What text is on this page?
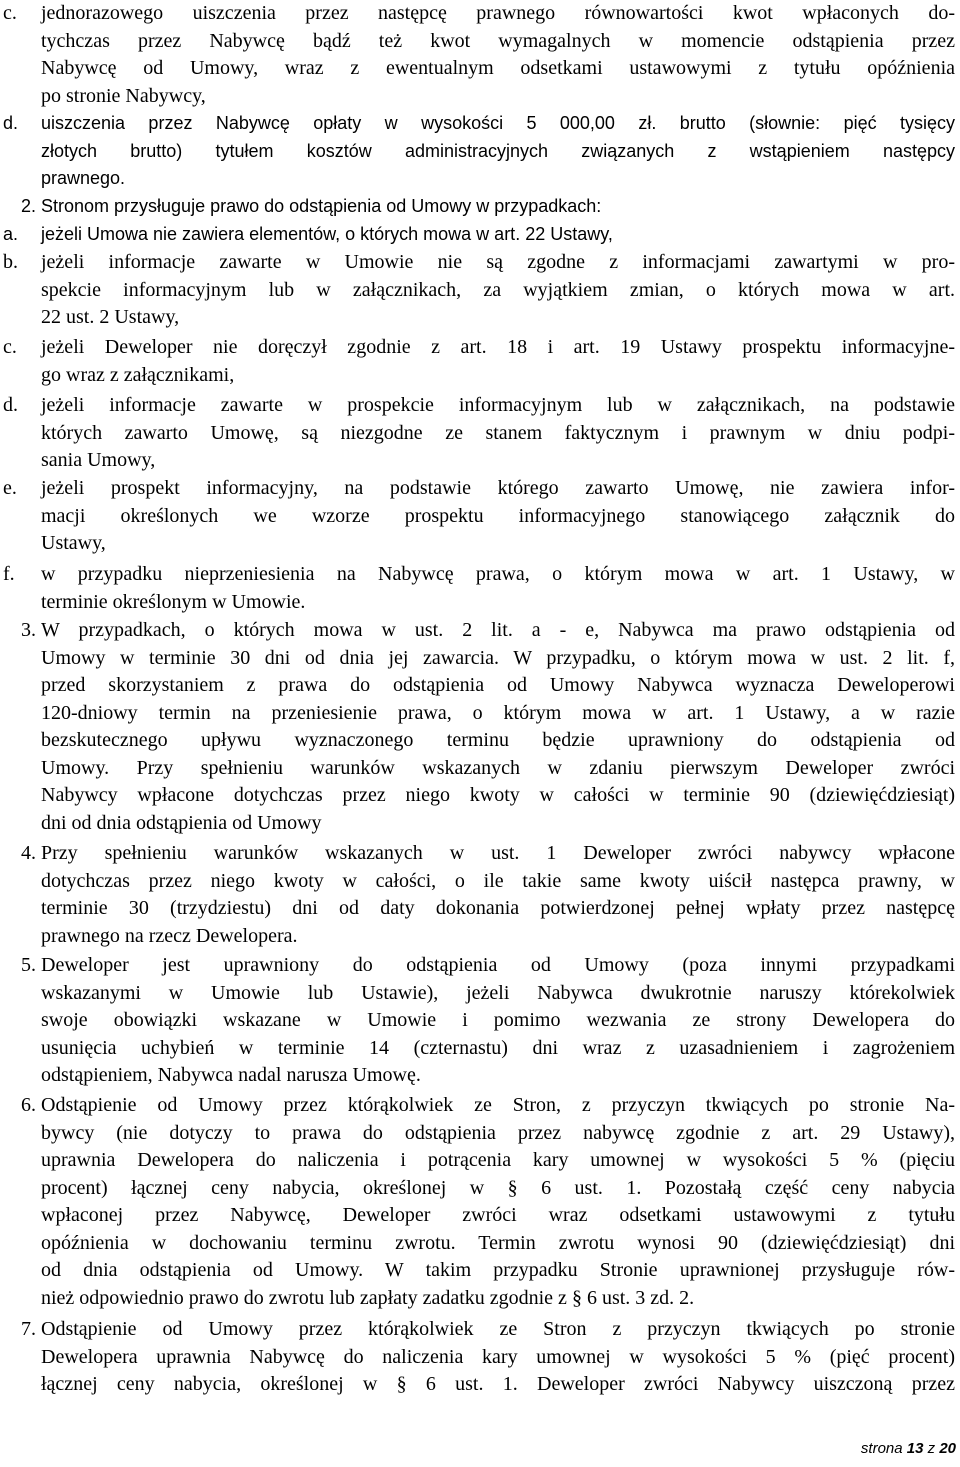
strona 13 z 20
c. jednorazowego uiszczenia przez następcę prawnego równowartości kwot wpłaconych do-
tychczas przez Nabywcę bądź też kwot wymagalnych w momencie odstąpienia przez
Nabywcę od Umowy, wraz z ewentualnym odsetkami ustawowymi z tytułu opóźnienia
po stronie Nabywcy,
d. uiszczenia przez Nabywcę opłaty w wysokości 5 000,00 zł. brutto (słownie: pięć tysięcy
złotych brutto) tytułem kosztów administracyjnych związanych z wstąpieniem następcy
prawnego.
2. Stronom przysługuje prawo do odstąpienia od Umowy w przypadkach:
a. jeżeli Umowa nie zawiera elementów, o których mowa w art. 22 Ustawy,
b. jeżeli informacje zawarte w Umowie nie są zgodne z informacjami zawartymi w pro-
spekcie informacyjnym lub w załącznikach, za wyjątkiem zmian, o których mowa w art.
22 ust. 2 Ustawy,
c. jeżeli Deweloper nie doręczył zgodnie z art. 18 i art. 19 Ustawy prospektu informacyjne-
go wraz z załącznikami,
d. jeżeli informacje zawarte w prospekcie informacyjnym lub w załącznikach, na podstawie
których zawarto Umowę, są niezgodne ze stanem faktycznym i prawnym w dniu podpi-
sania Umowy,
e. jeżeli prospekt informacyjny, na podstawie którego zawarto Umowę, nie zawiera infor-
macji określonych we wzorze prospektu informacyjnego stanowiącego załącznik do
Ustawy,
f. w przypadku nieprzeniesienia na Nabywcę prawa, o którym mowa w art. 1 Ustawy, w
terminie określonym w Umowie.
3. W przypadkach, o których mowa w ust. 2 lit. a - e, Nabywca ma prawo odstąpienia od
Umowy w terminie 30 dni od dnia jej zawarcia. W przypadku, o którym mowa w ust. 2 lit. f,
przed skorzystaniem z prawa do odstąpienia od Umowy Nabywca wyznacza Deweloperowi
120-dniowy termin na przeniesienie prawa, o którym mowa w art. 1 Ustawy, a w razie
bezskutecznego upływu wyznaczonego terminu będzie uprawniony do odstąpienia od
Umowy. Przy spełnieniu warunków wskazanych w zdaniu pierwszym Deweloper zwróci
Nabywcy wpłacone dotychczas przez niego kwoty w całości w terminie 90 (dziewięćdziesiąt)
dni od dnia odstąpienia od Umowy
4. Przy spełnieniu warunków wskazanych w ust. 1 Deweloper zwróci nabywcy wpłacone
dotychczas przez niego kwoty w całości, o ile takie same kwoty uiścił następca prawny, w
terminie 30 (trzydziestu) dni od daty dokonania potwierdzonej pełnej wpłaty przez następcę
prawnego na rzecz Dewelopera.
5. Deweloper jest uprawniony do odstąpienia od Umowy (poza innymi przypadkami
wskazanymi w Umowie lub Ustawie), jeżeli Nabywca dwukrotnie naruszy którekolwiek
swoje obowiązki wskazane w Umowie i pomimo wezwania ze strony Dewelopera do
usunięcia uchybień w terminie 14 (czternastu) dni wraz z uzasadnieniem i zagrożeniem
odstąpieniem, Nabywca nadal narusza Umowę.
6. Odstąpienie od Umowy przez którąkolwiek ze Stron, z przyczyn tkwiących po stronie Na-
bywcy (nie dotyczy to prawa do odstąpienia przez nabywcę zgodnie z art. 29 Ustawy),
uprawnia Dewelopera do naliczenia i potrącenia kary umownej w wysokości 5 % (pięciu
procent) łącznej ceny nabycia, określonej w § 6 ust. 1. Pozostałą część ceny nabycia
wpłaconej przez Nabywcę, Deweloper zwróci wraz odsetkami ustawowymi z tytułu
opóźnienia w dochowaniu terminu zwrotu. Termin zwrotu wynosi 90 (dziewięćdziesiąt) dni
od dnia odstąpienia od Umowy. W takim przypadku Stronie uprawnionej przysługuje rów-
nież odpowiednio prawo do zwrotu lub zapłaty zadatku zgodnie z § 6 ust. 3 zd. 2.
7. Odstąpienie od Umowy przez którąkolwiek ze Stron z przyczyn tkwiących po stronie
Dewelopera uprawnia Nabywcę do naliczenia kary umownej w wysokości 5 % (pięć procent)
łącznej ceny nabycia, określonej w § 6 ust. 1. Deweloper zwróci Nabywcy uiszczoną przez
